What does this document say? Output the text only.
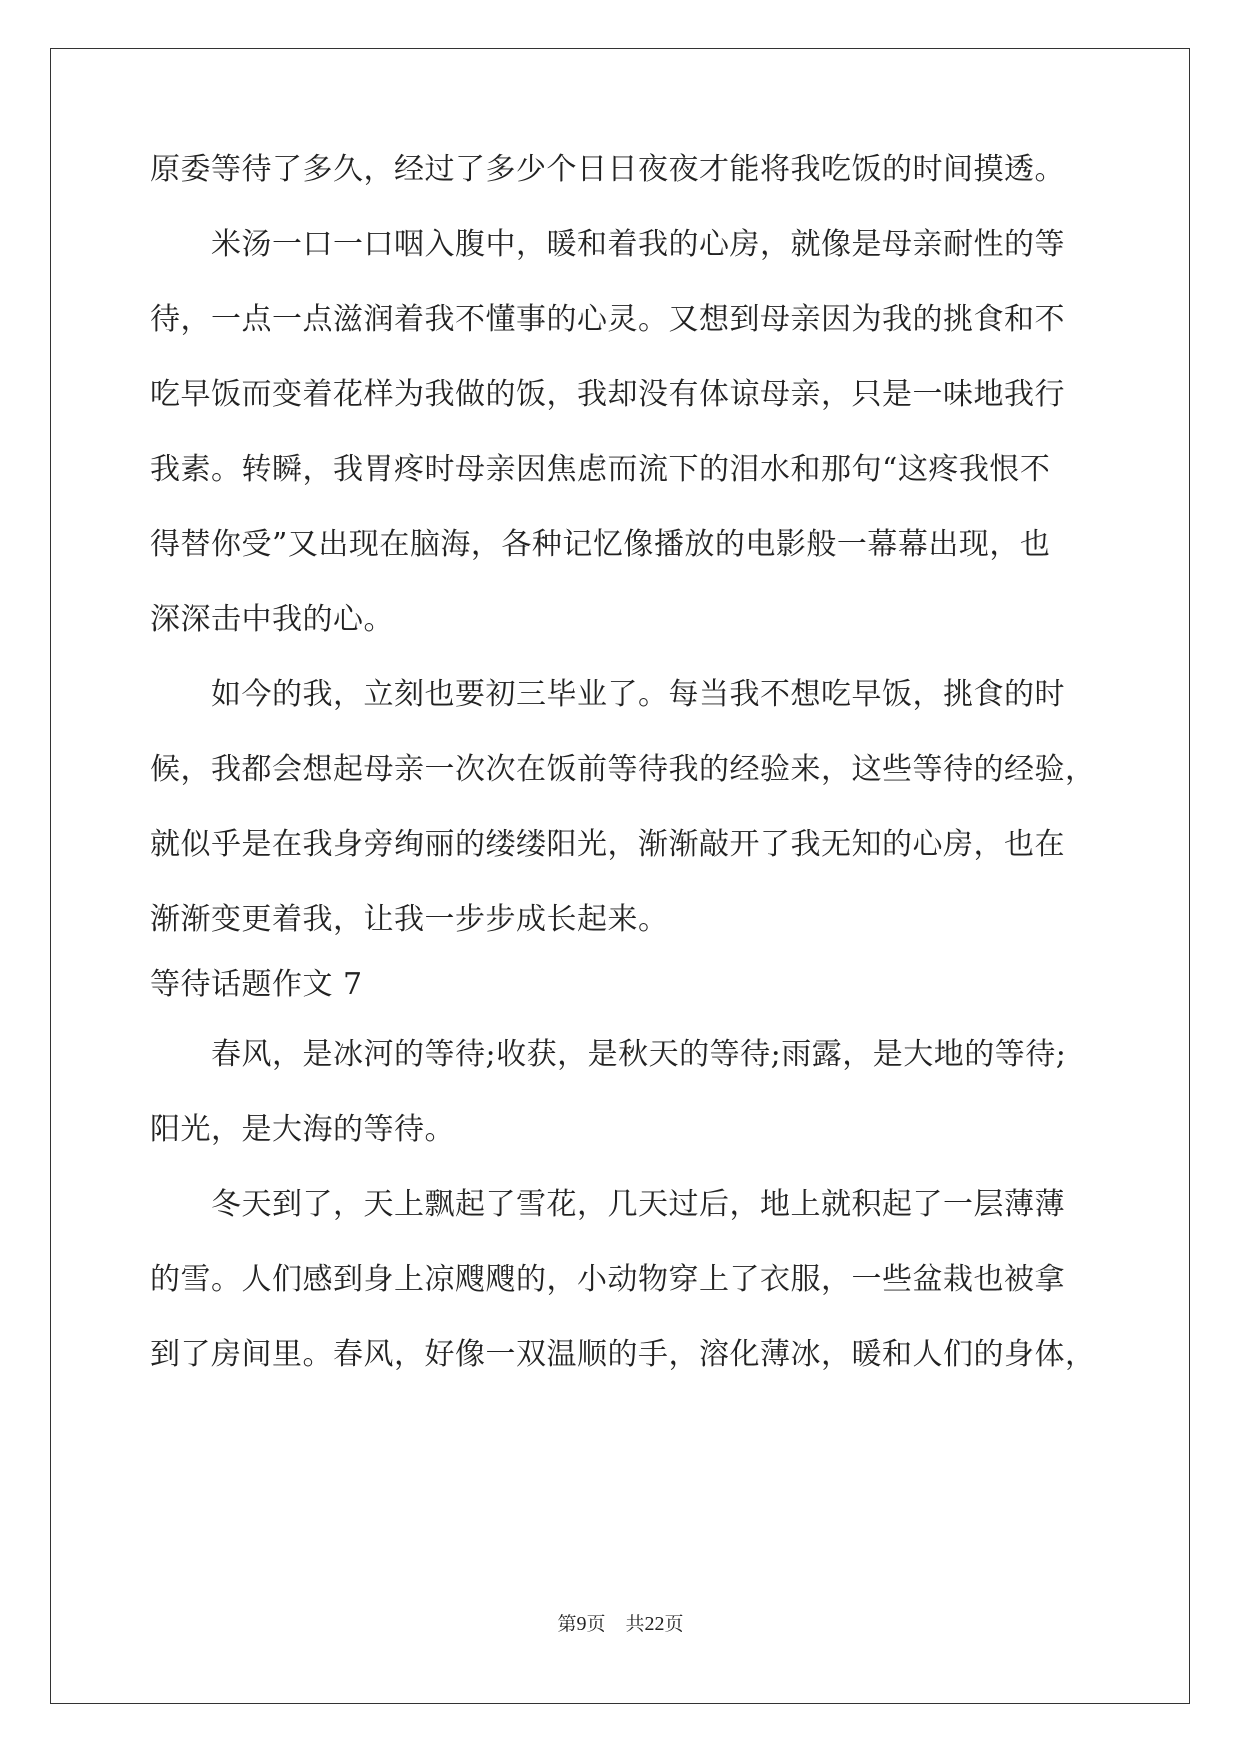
原委等待了多久，经过了多少个日日夜夜才能将我吃饭的时间摸透。
　　米汤一口一口咽入腹中，暖和着我的心房，就像是母亲耐性的等
待，一点一点滋润着我不懂事的心灵。又想到母亲因为我的挑食和不
吃早饭而变着花样为我做的饭，我却没有体谅母亲，只是一味地我行
我素。转瞬，我胃疼时母亲因焦虑而流下的泪水和那句“这疼我恨不
得替你受”又出现在脑海，各种记忆像播放的电影般一幕幕出现，也
深深击中我的心。
　　如今的我，立刻也要初三毕业了。每当我不想吃早饭，挑食的时
候，我都会想起母亲一次次在饭前等待我的经验来，这些等待的经验，
就似乎是在我身旁绚丽的缕缕阳光，渐渐敲开了我无知的心房，也在
渐渐变更着我，让我一步步成长起来。
等待话题作文 7
　　春风，是冰河的等待;收获，是秋天的等待;雨露，是大地的等待;
阳光，是大海的等待。
　　冬天到了，天上飘起了雪花，几天过后，地上就积起了一层薄薄
的雪。人们感到身上凉飕飕的，小动物穿上了衣服，一些盆栽也被拿
到了房间里。春风，好像一双温顺的手，溶化薄冰，暖和人们的身体，
第9页 共22页
